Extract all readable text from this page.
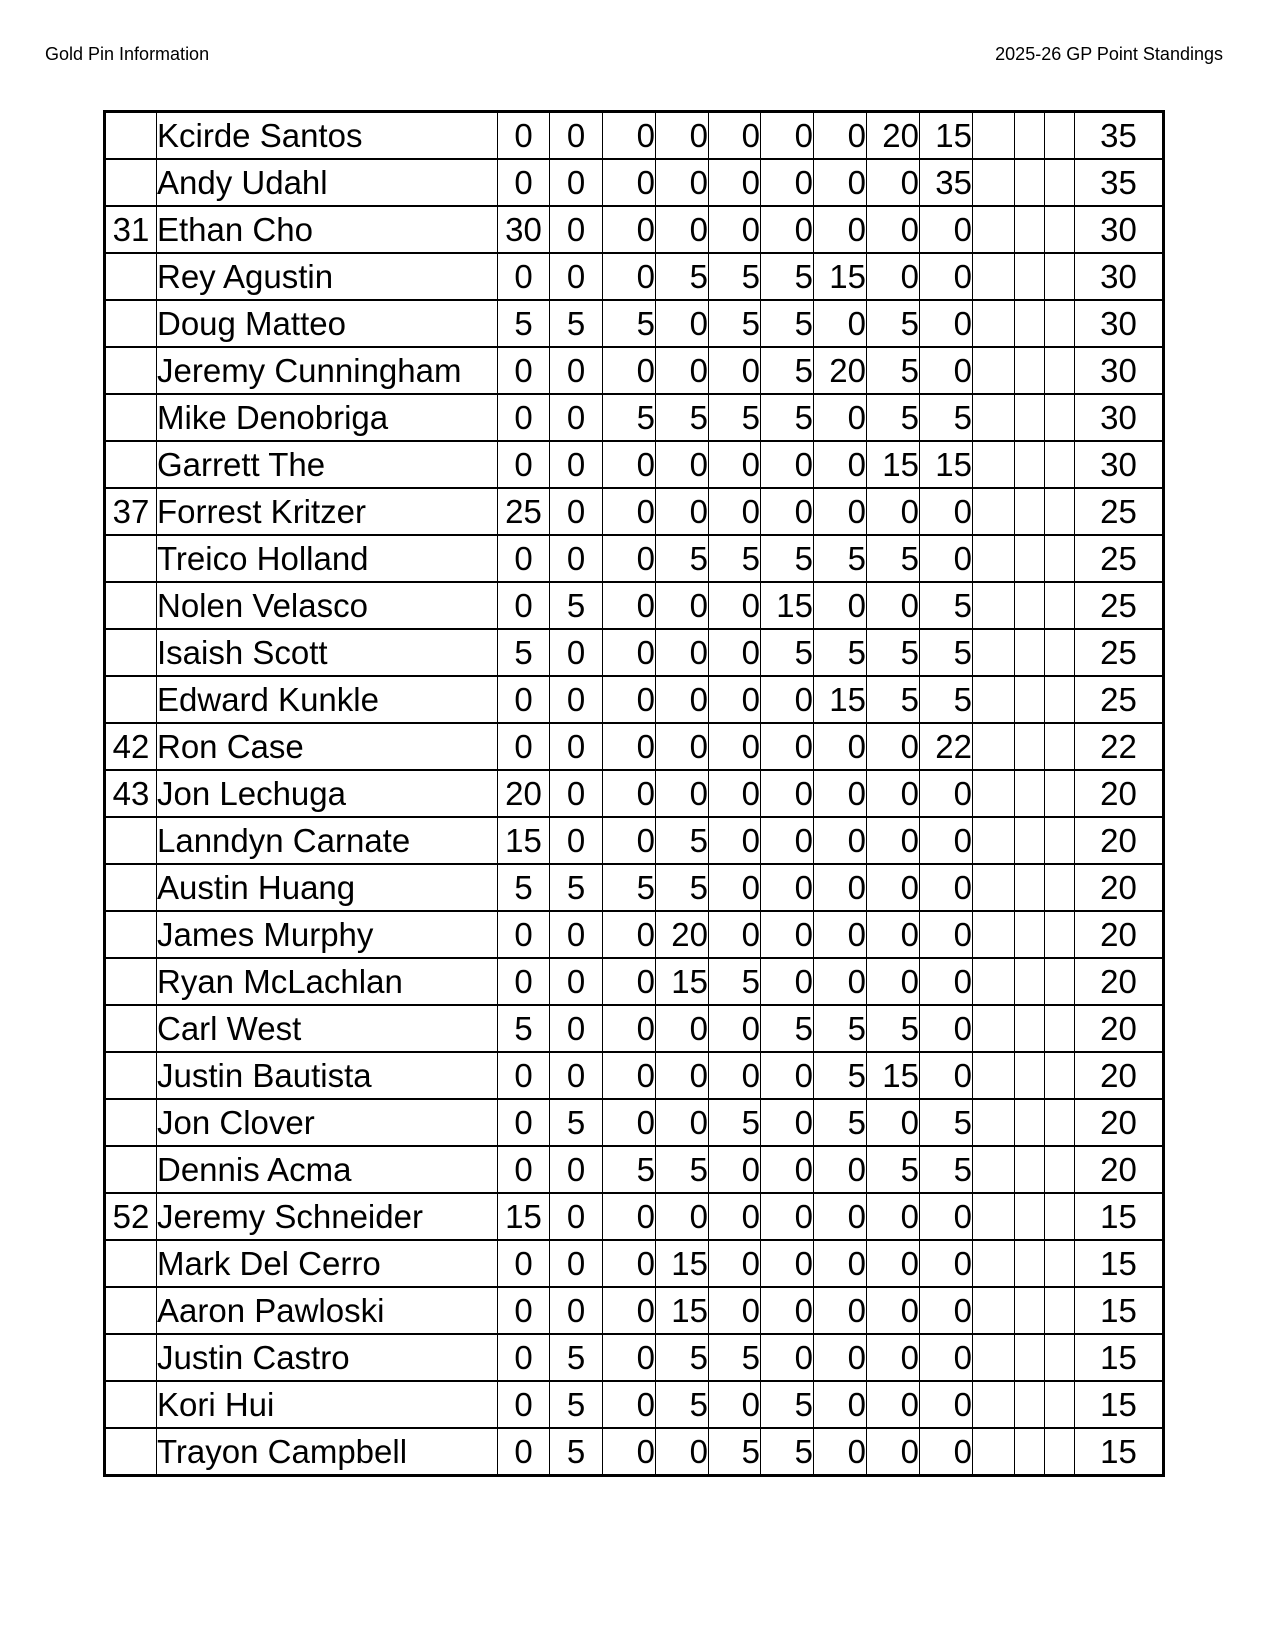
Gold Pin Information	2025-26 GP Point Standings
	Kcirde Santos	0	0	0	0	0	0	0	20	15				35
	Andy Udahl	0	0	0	0	0	0	0	0	35				35
31	Ethan Cho	30	0	0	0	0	0	0	0	0				30
	Rey Agustin	0	0	0	5	5	5	15	0	0				30
	Doug Matteo	5	5	5	0	5	5	0	5	0				30
	Jeremy Cunningham	0	0	0	0	0	5	20	5	0				30
	Mike Denobriga	0	0	5	5	5	5	0	5	5				30
	Garrett The	0	0	0	0	0	0	0	15	15				30
37	Forrest Kritzer	25	0	0	0	0	0	0	0	0				25
	Treico Holland	0	0	0	5	5	5	5	5	0				25
	Nolen Velasco	0	5	0	0	0	15	0	0	5				25
	Isaish Scott	5	0	0	0	0	5	5	5	5				25
	Edward Kunkle	0	0	0	0	0	0	15	5	5				25
42	Ron Case	0	0	0	0	0	0	0	0	22				22
43	Jon Lechuga	20	0	0	0	0	0	0	0	0				20
	Lanndyn Carnate	15	0	0	5	0	0	0	0	0				20
	Austin Huang	5	5	5	5	0	0	0	0	0				20
	James Murphy	0	0	0	20	0	0	0	0	0				20
	Ryan McLachlan	0	0	0	15	5	0	0	0	0				20
	Carl West	5	0	0	0	0	5	5	5	0				20
	Justin Bautista	0	0	0	0	0	0	5	15	0				20
	Jon Clover	0	5	0	0	5	0	5	0	5				20
	Dennis Acma	0	0	5	5	0	0	0	5	5				20
52	Jeremy Schneider	15	0	0	0	0	0	0	0	0				15
	Mark Del Cerro	0	0	0	15	0	0	0	0	0				15
	Aaron Pawloski	0	0	0	15	0	0	0	0	0				15
	Justin Castro	0	5	0	5	5	0	0	0	0				15
	Kori Hui	0	5	0	5	0	5	0	0	0				15
	Trayon Campbell	0	5	0	0	5	5	0	0	0				15
